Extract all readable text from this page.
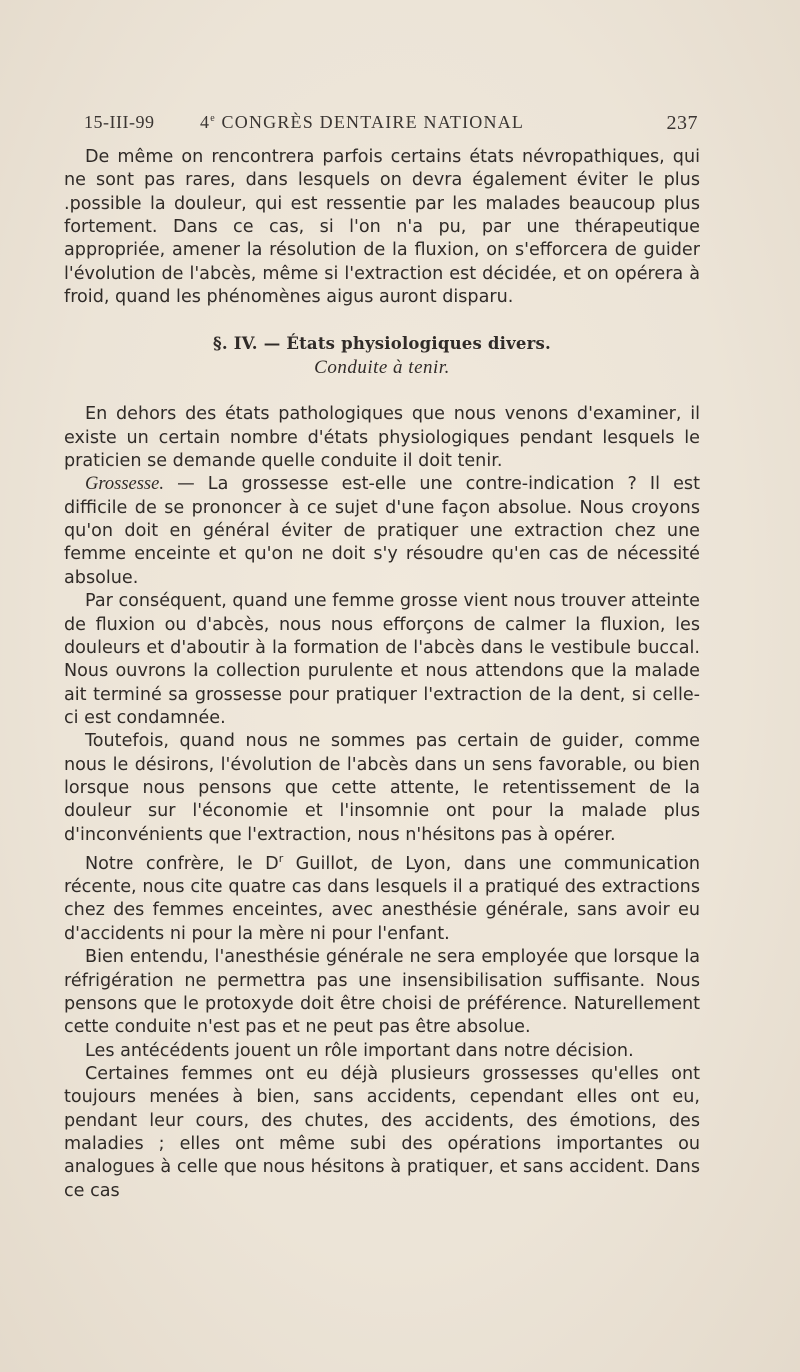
15-III-99	4e CONGRÈS DENTAIRE NATIONAL	237

De même on rencontrera parfois certains états névropathiques, qui ne sont pas rares, dans lesquels on devra également éviter le plus .possible la douleur, qui est ressentie par les malades beaucoup plus fortement. Dans ce cas, si l'on n'a pu, par une thérapeutique appropriée, amener la résolution de la fluxion, on s'efforcera de guider l'évolution de l'abcès, même si l'extraction est décidée, et on opérera à froid, quand les phénomènes aigus auront disparu.

§. IV. — États physiologiques divers.
Conduite à tenir.

En dehors des états pathologiques que nous venons d'examiner, il existe un certain nombre d'états physiologiques pendant lesquels le praticien se demande quelle conduite il doit tenir.

Grossesse. — La grossesse est-elle une contre-indication ? Il est difficile de se prononcer à ce sujet d'une façon absolue. Nous croyons qu'on doit en général éviter de pratiquer une extraction chez une femme enceinte et qu'on ne doit s'y résoudre qu'en cas de nécessité absolue.

Par conséquent, quand une femme grosse vient nous trouver atteinte de fluxion ou d'abcès, nous nous efforçons de calmer la fluxion, les douleurs et d'aboutir à la formation de l'abcès dans le vestibule buccal. Nous ouvrons la collection purulente et nous attendons que la malade ait terminé sa grossesse pour pratiquer l'extraction de la dent, si celle-ci est condamnée.

Toutefois, quand nous ne sommes pas certain de guider, comme nous le désirons, l'évolution de l'abcès dans un sens favorable, ou bien lorsque nous pensons que cette attente, le retentissement de la douleur sur l'économie et l'insomnie ont pour la malade plus d'inconvénients que l'extraction, nous n'hésitons pas à opérer.

Notre confrère, le $D^r$ Guillot, de Lyon, dans une communication récente, nous cite quatre cas dans lesquels il a pratiqué des extractions chez des femmes enceintes, avec anesthésie générale, sans avoir eu d'accidents ni pour la mère ni pour l'enfant.

Bien entendu, l'anesthésie générale ne sera employée que lorsque la réfrigération ne permettra pas une insensibilisation suffisante. Nous pensons que le protoxyde doit être choisi de préférence. Naturellement cette conduite n'est pas et ne peut pas être absolue.

Les antécédents jouent un rôle important dans notre décision.

Certaines femmes ont eu déjà plusieurs grossesses qu'elles ont toujours menées à bien, sans accidents, cependant elles ont eu, pendant leur cours, des chutes, des accidents, des émotions, des maladies ; elles ont même subi des opérations importantes ou analogues à celle que nous hésitons à pratiquer, et sans accident. Dans ce cas
